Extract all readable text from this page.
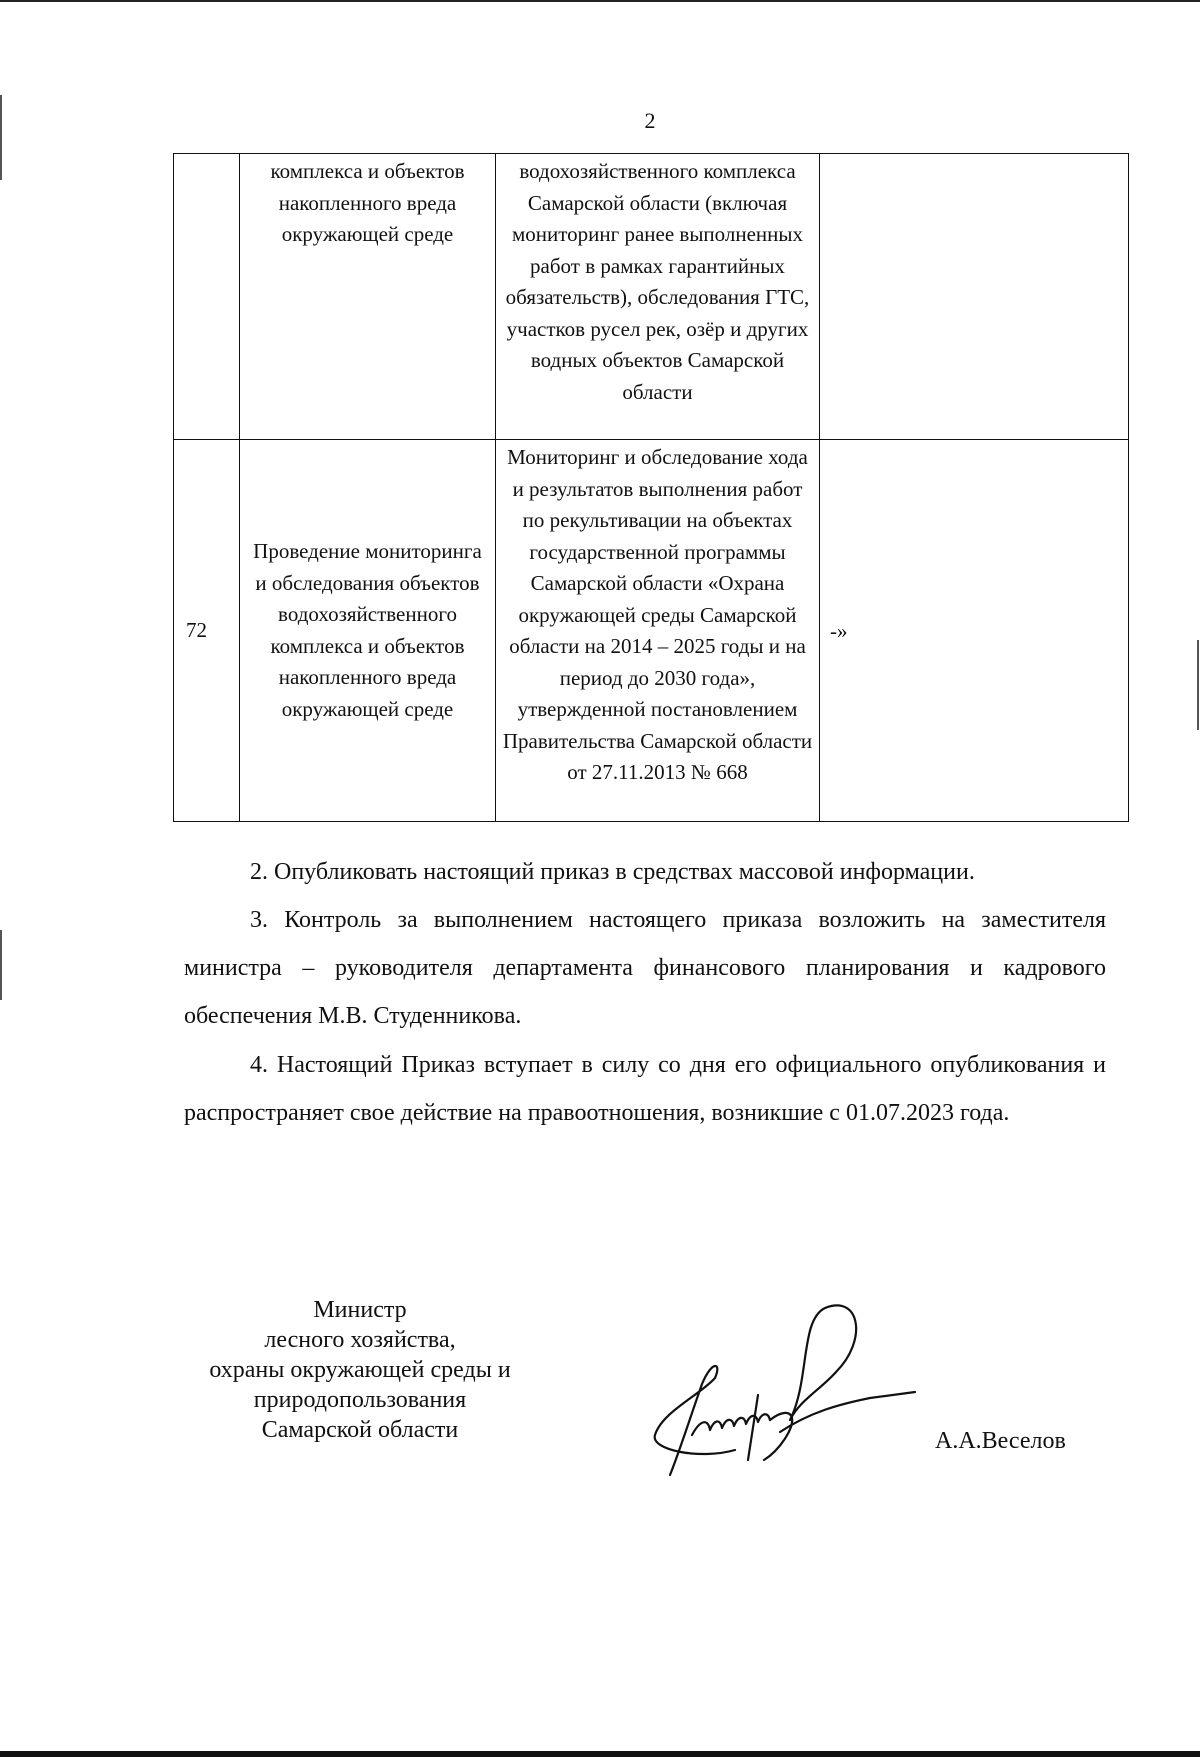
2
	комплекса и объектов накопленного вреда окружающей среде	водохозяйственного комплекса Самарской области (включая мониторинг ранее выполненных работ в рамках гарантийных обязательств), обследования ГТС, участков русел рек, озёр и других водных объектов Самарской области	
72	Проведение мониторинга и обследования объектов водохозяйственного комплекса и объектов накопленного вреда окружающей среде	Мониторинг и обследование хода и результатов выполнения работ по рекультивации на объектах государственной программы Самарской области «Охрана окружающей среды Самарской области на 2014 – 2025 годы и на период до 2030 года», утвержденной постановлением Правительства Самарской области от 27.11.2013 № 668	-»
2. Опубликовать настоящий приказ в средствах массовой информации.
3. Контроль за выполнением настоящего приказа возложить на заместителя министра – руководителя департамента финансового планирования и кадрового обеспечения М.В. Студенникова.
4. Настоящий Приказ вступает в силу со дня его официального опубликования и распространяет свое действие на правоотношения, возникшие с 01.07.2023 года.
Министр
лесного хозяйства,
охраны окружающей среды и
природопользования
Самарской области	А.А.Веселов
